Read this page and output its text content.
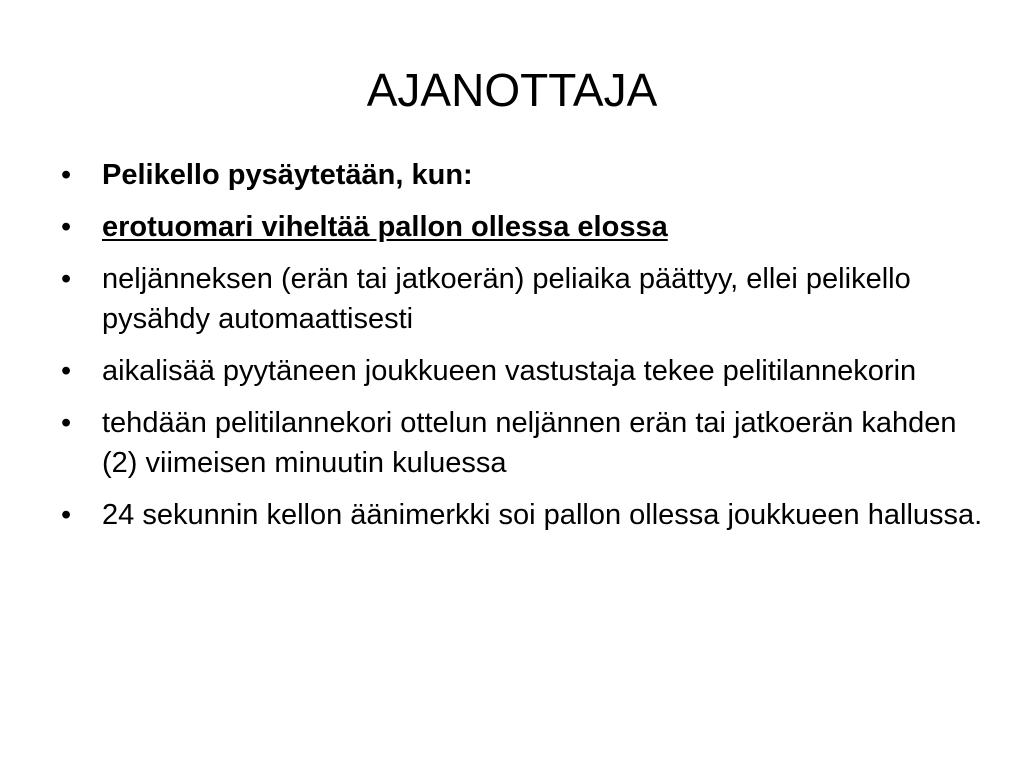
AJANOTTAJA
• Pelikello pysäytetään, kun:
• erotuomari viheltää pallon ollessa elossa
• neljänneksen (erän tai jatkoerän) peliaika päättyy, ellei pelikello pysähdy automaattisesti
• aikalisää pyytäneen joukkueen vastustaja tekee pelitilannekorin
• tehdään pelitilannekori ottelun neljännen erän tai jatkoerän kahden (2) viimeisen minuutin kuluessa
• 24 sekunnin kellon äänimerkki soi pallon ollessa joukkueen hallussa.
